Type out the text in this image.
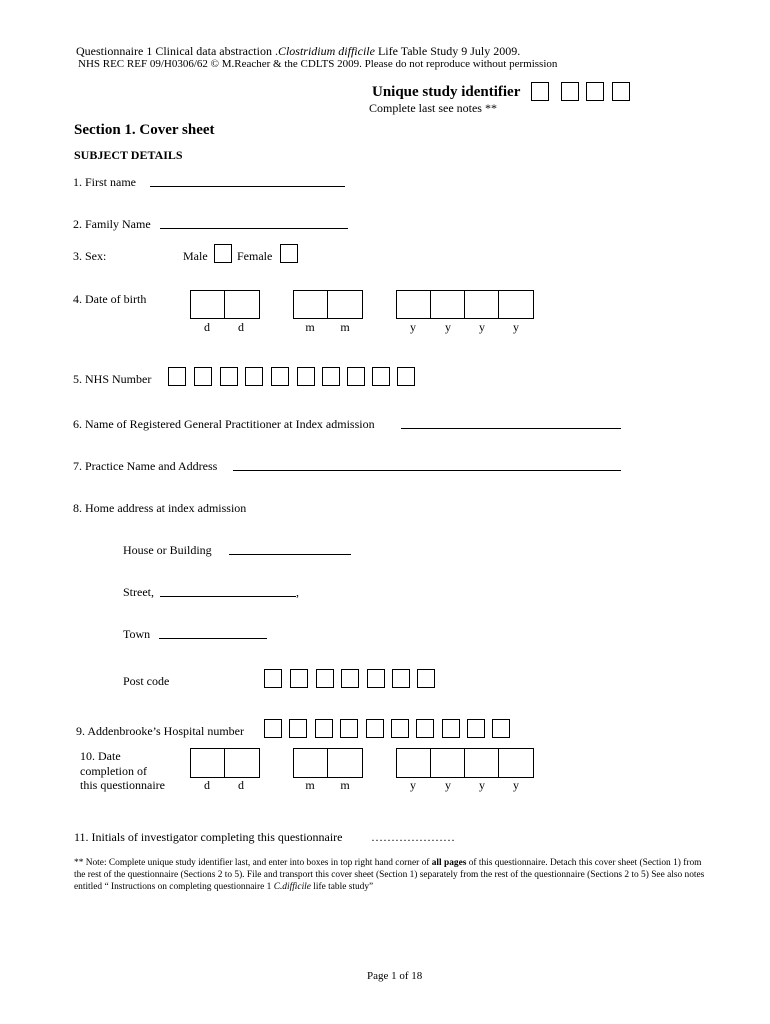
Questionnaire 1 Clinical data abstraction .Clostridium difficile Life Table Study 9 July 2009.
NHS REC REF 09/H0306/62 © M.Reacher & the CDLTS 2009. Please do not reproduce without permission
Unique study identifier
Complete last see notes **
Section 1. Cover sheet
SUBJECT DETAILS
1. First name
2. Family Name
3. Sex:	Male Female
4. Date of birth
d	d	m	m	y	y	y	y
5. NHS Number
6. Name of Registered General Practitioner at Index admission
7. Practice Name and Address
8. Home address at index admission
House or Building
Street,	,
Town
Post code
9. Addenbrooke’s Hospital number
10. Date
completion of
this questionnaire	d	d	m	m	y	y	y	y
11. Initials of investigator completing this questionnaire …………………
** Note: Complete unique study identifier last, and enter into boxes in top right hand corner of all pages of this questionnaire. Detach this cover sheet (Section 1) from the rest of the questionnaire (Sections 2 to 5). File and transport this cover sheet (Section 1) separately from the rest of the questionnaire (Sections 2 to 5) See also notes entitled “ Instructions on completing questionnaire 1 C.difficile life table study”
Page 1 of 18
